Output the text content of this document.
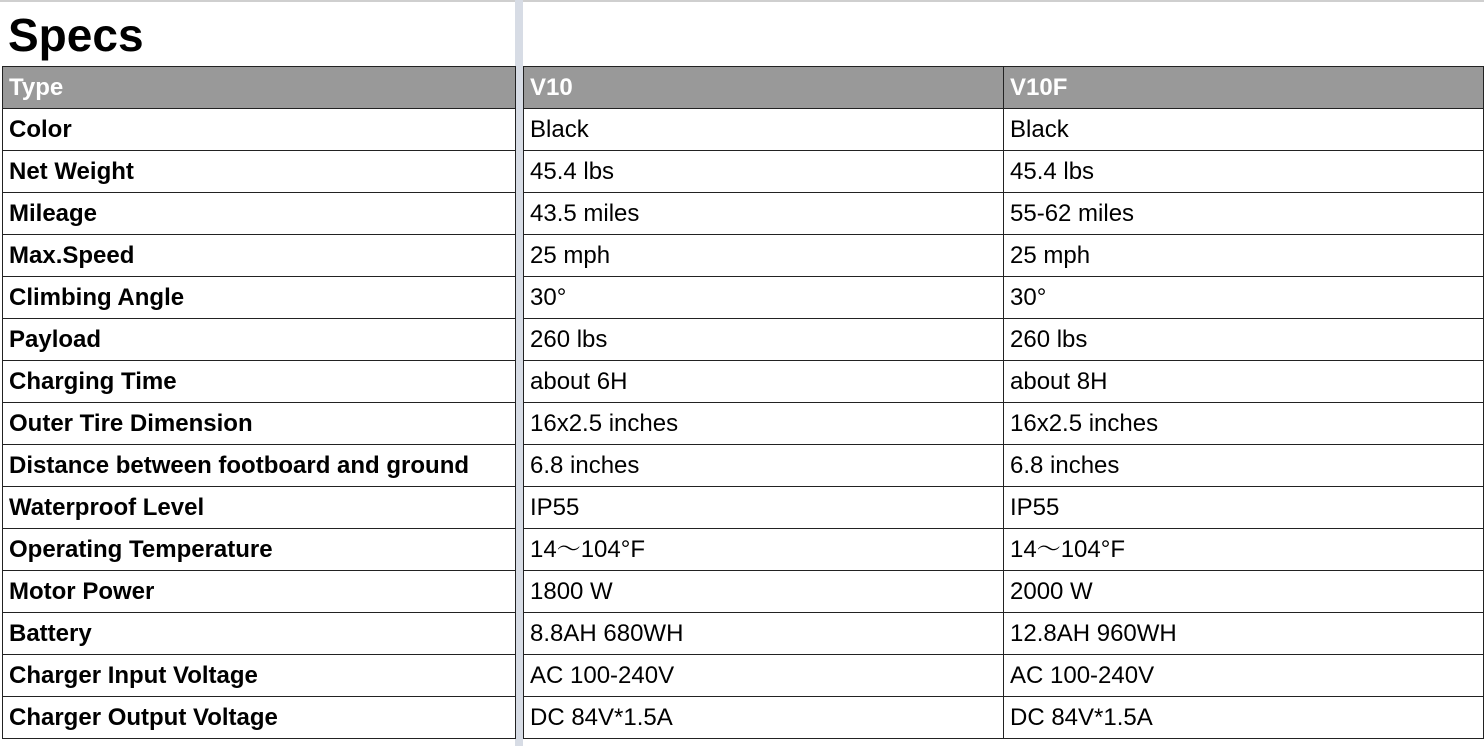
Specs
Type		V10	V10F
Color		Black	Black
Net Weight		45.4 lbs	45.4 lbs
Mileage		43.5 miles	55-62 miles
Max.Speed		25 mph	25 mph
Climbing Angle		30°	30°
Payload		260 lbs	260 lbs
Charging Time		about 6H	about 8H
Outer Tire Dimension		16x2.5 inches	16x2.5 inches
Distance between footboard and ground		6.8 inches	6.8 inches
Waterproof Level		IP55	IP55
Operating Temperature		14～104°F	14～104°F
Motor Power		1800 W	2000 W
Battery		8.8AH 680WH	12.8AH 960WH
Charger Input Voltage		AC 100-240V	AC 100-240V
Charger Output Voltage		DC 84V*1.5A	DC 84V*1.5A
